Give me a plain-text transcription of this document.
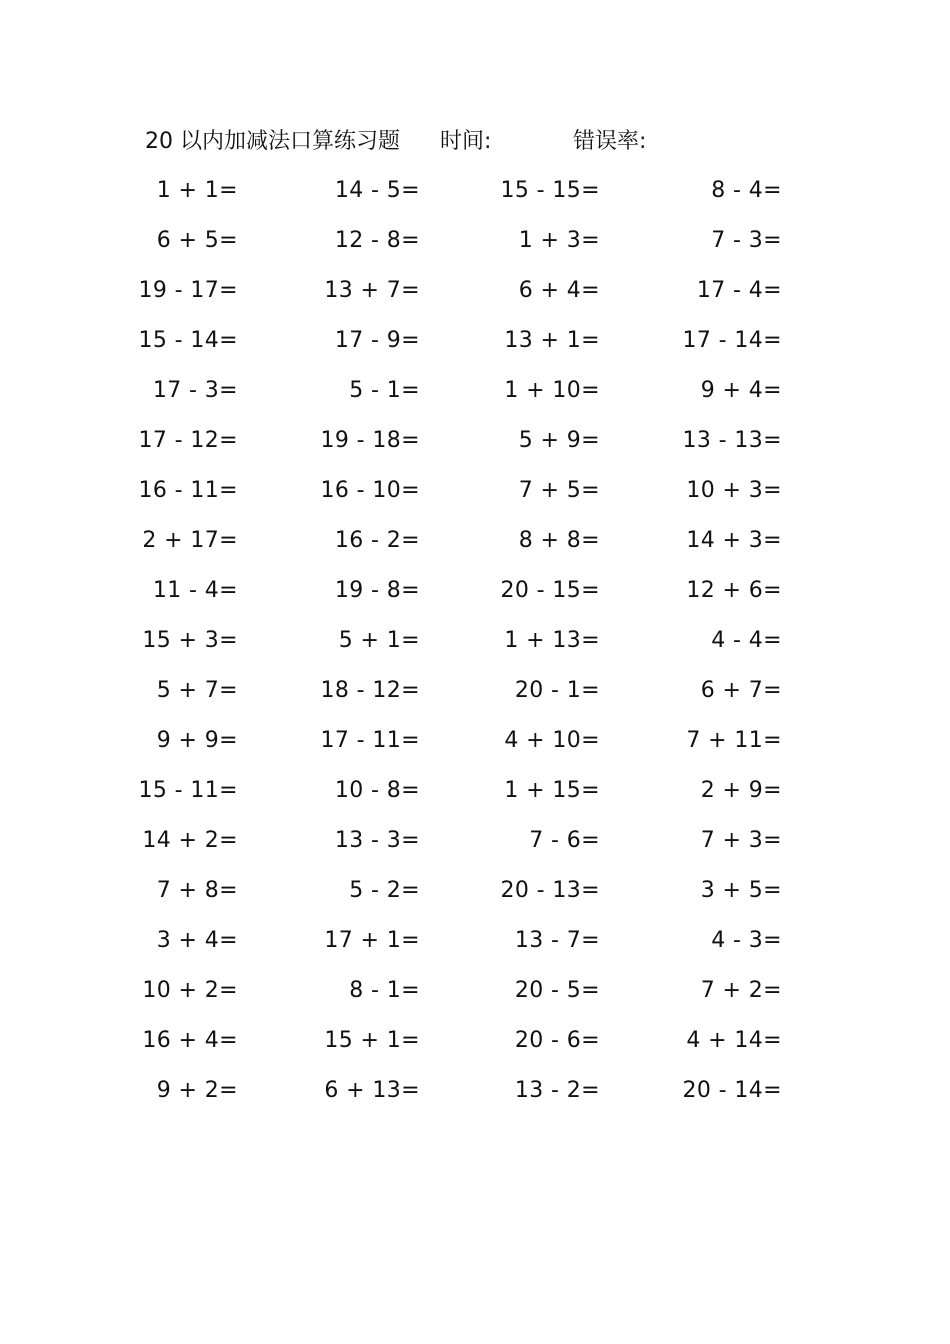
20 以内加减法口算练习题 时间:	错误率:
1 + 1=	14 - 5=	15 - 15=	8 - 4=
6 + 5=	12 - 8=	1 + 3=	7 - 3=
19 - 17=	13 + 7=	6 + 4=	17 - 4=
15 - 14=	17 - 9=	13 + 1=	17 - 14=
17 - 3=	5 - 1=	1 + 10=	9 + 4=
17 - 12=	19 - 18=	5 + 9=	13 - 13=
16 - 11=	16 - 10=	7 + 5=	10 + 3=
2 + 17=	16 - 2=	8 + 8=	14 + 3=
11 - 4=	19 - 8=	20 - 15=	12 + 6=
15 + 3=	5 + 1=	1 + 13=	4 - 4=
5 + 7=	18 - 12=	20 - 1=	6 + 7=
9 + 9=	17 - 11=	4 + 10=	7 + 11=
15 - 11=	10 - 8=	1 + 15=	2 + 9=
14 + 2=	13 - 3=	7 - 6=	7 + 3=
7 + 8=	5 - 2=	20 - 13=	3 + 5=
3 + 4=	17 + 1=	13 - 7=	4 - 3=
10 + 2=	8 - 1=	20 - 5=	7 + 2=
16 + 4=	15 + 1=	20 - 6=	4 + 14=
9 + 2=	6 + 13=	13 - 2=	20 - 14=
